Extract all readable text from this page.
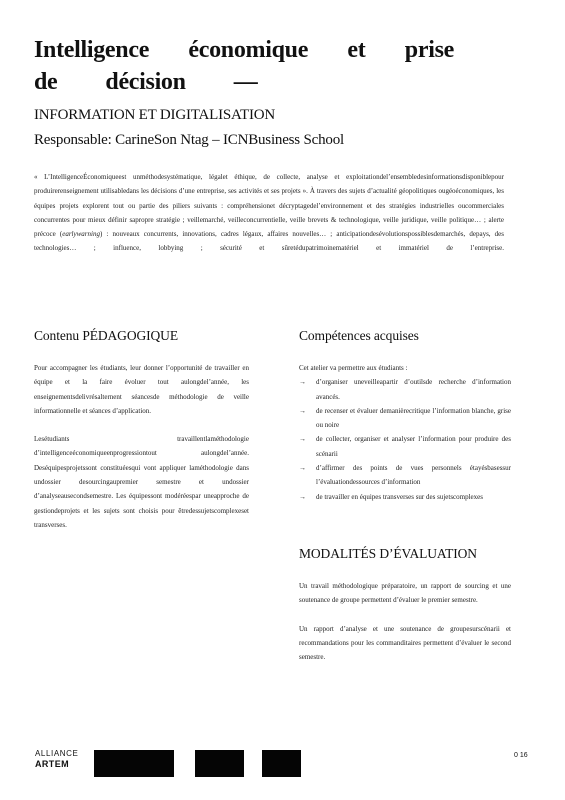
Intelligence économique et prise
de décision —
INFORMATION ET DIGITALISATION
Responsable: CarineSon Ntag – ICNBusiness School
« L’IntelligenceÉconomiqueest unméthodesystématique, légalet éthique, de collecte, analyse et exploitationdel’ensembledesinformationsdisponiblepour produirerenseignement utilisabledans les décisions d’une entreprise, ses activités et ses projets ». À travers des sujets d’actualité géopolitiques ougéoéconomiques, les équipes projets explorent tout ou partie des piliers suivants : compréhensionet décryptagedel’environnement et des stratégies industrielles oucommerciales concurrentes pour mieux définir sapropre stratégie ; veillemarché, veilleconcurrentielle, veille brevets & technologique, veille juridique, veille politique… ; alerte précoce (earlywarning) : nouveaux concurrents, innovations, cadres légaux, affaires nouvelles… ; anticipationdesévolutionspossiblesdemarchés, depays, des technologies… ; influence, lobbying ; sécurité et sûretédupatrimoinematériel et immatériel de l’entreprise.
Contenu PÉDAGOGIQUE

Pour accompagner les étudiants, leur donner l’opportunité de travailler en équipe et la faire évoluer tout aulongdel’année, les enseignementsdelivrésalternent séancesde méthodologie de veille informationnelle et séances d’application.

Lesétudiants travaillentlaméthodologie d’intelligenceéconomiqueenprogressiontout aulongdel’année. Deséquipesprojetssont constituéesqui vont appliquer laméthodologie dans undossier desourcingaupremier semestre et undossier d’analyseausecondsemestre. Les équipessont modéréespar uneapproche de gestiondeprojets et les sujets sont choisis pour êtredessujetscomplexeset transverses.

Compétences acquises

Cet atelier va permettre aux étudiants :

→ d’organiser uneveilleapartir d’outilsde recherche d’information avancés.
→ de recenser et évaluer demanièrecritique l’information blanche, grise ou noire
→ de collecter, organiser et analyser l’information pour produire des scénarii
→ d’affirmer des points de vues personnels étayésbasessur l’évaluationdessources d’information
→ de travailler en équipes transverses sur des sujetscomplexes
MODALITÉS D’ÉVALUATION

Un travail méthodologique préparatoire, un rapport de sourcing et une soutenance de groupe permettent d’évaluer le premier semestre.

Un rapport d’analyse et une soutenance de groupesurscénarii et recommandations pour les commanditaires permettent d’évaluer le second semestre.

ALLIANCE
ARTEM
0 16
